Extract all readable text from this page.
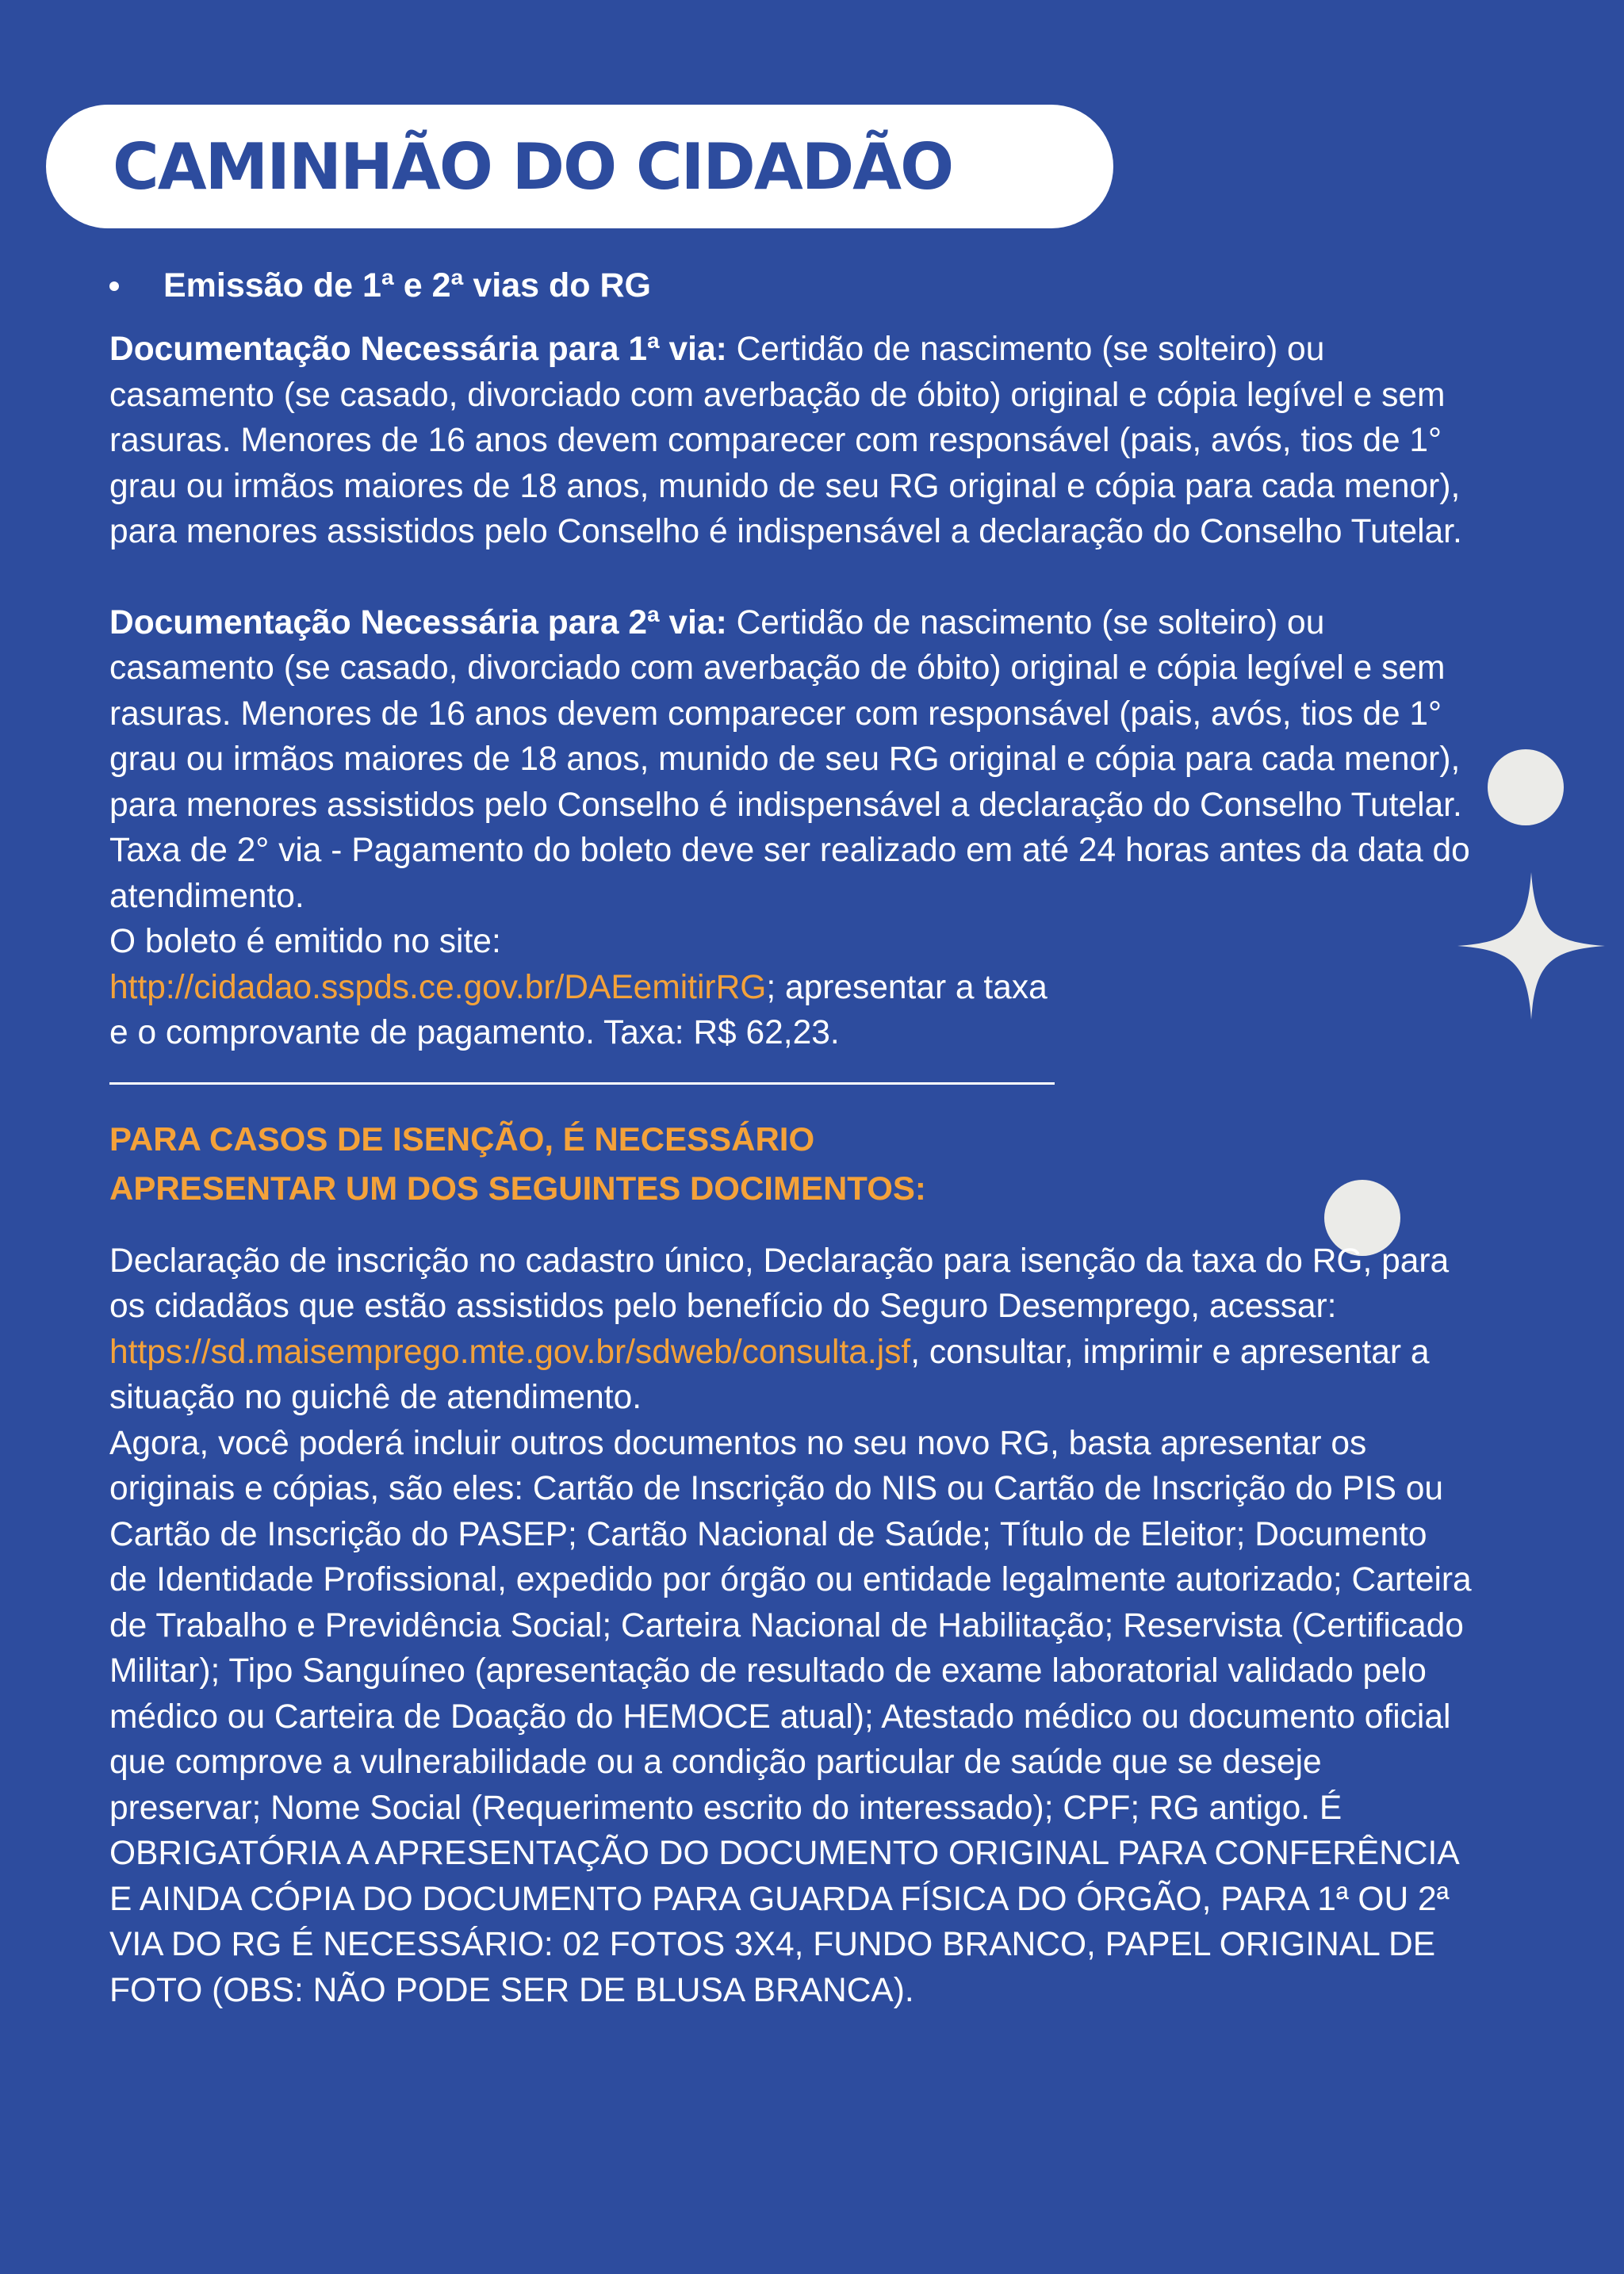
CAMINHÃO DO CIDADÃO
Emissão de 1ª e 2ª vias do RG

Documentação Necessária para 1ª via: Certidão de nascimento (se solteiro) ou casamento (se casado, divorciado com averbação de óbito) original e cópia legível e sem rasuras. Menores de 16 anos devem comparecer com responsável (pais, avós, tios de 1° grau ou irmãos maiores de 18 anos, munido de seu RG original e cópia para cada menor), para menores assistidos pelo Conselho é indispensável a declaração do Conselho Tutelar.

Documentação Necessária para 2ª via: Certidão de nascimento (se solteiro) ou casamento (se casado, divorciado com averbação de óbito) original e cópia legível e sem rasuras. Menores de 16 anos devem comparecer com responsável (pais, avós, tios de 1° grau ou irmãos maiores de 18 anos, munido de seu RG original e cópia para cada menor), para menores assistidos pelo Conselho é indispensável a declaração do Conselho Tutelar. Taxa de 2° via - Pagamento do boleto deve ser realizado em até 24 horas antes da data do atendimento.
O boleto é emitido no site:
http://cidadao.sspds.ce.gov.br/DAEemitirRG; apresentar a taxa
e o comprovante de pagamento. Taxa: R$ 62,23.

PARA CASOS DE ISENÇÃO, É NECESSÁRIO
APRESENTAR UM DOS SEGUINTES DOCIMENTOS:

Declaração de inscrição no cadastro único, Declaração para isenção da taxa do RG, para os cidadãos que estão assistidos pelo benefício do Seguro Desemprego, acessar:
https://sd.maisemprego.mte.gov.br/sdweb/consulta.jsf, consultar, imprimir e apresentar a situação no guichê de atendimento.
Agora, você poderá incluir outros documentos no seu novo RG, basta apresentar os originais e cópias, são eles: Cartão de Inscrição do NIS ou Cartão de Inscrição do PIS ou Cartão de Inscrição do PASEP; Cartão Nacional de Saúde; Título de Eleitor; Documento de Identidade Profissional, expedido por órgão ou entidade legalmente autorizado; Carteira de Trabalho e Previdência Social; Carteira Nacional de Habilitação; Reservista (Certificado Militar); Tipo Sanguíneo (apresentação de resultado de exame laboratorial validado pelo médico ou Carteira de Doação do HEMOCE atual); Atestado médico ou documento oficial que comprove a vulnerabilidade ou a condição particular de saúde que se deseje preservar; Nome Social (Requerimento escrito do interessado); CPF; RG antigo. É OBRIGATÓRIA A APRESENTAÇÃO DO DOCUMENTO ORIGINAL PARA CONFERÊNCIA E AINDA CÓPIA DO DOCUMENTO PARA GUARDA FÍSICA DO ÓRGÃO, PARA 1ª OU 2ª VIA DO RG É NECESSÁRIO: 02 FOTOS 3X4, FUNDO BRANCO, PAPEL ORIGINAL DE FOTO (OBS: NÃO PODE SER DE BLUSA BRANCA).
